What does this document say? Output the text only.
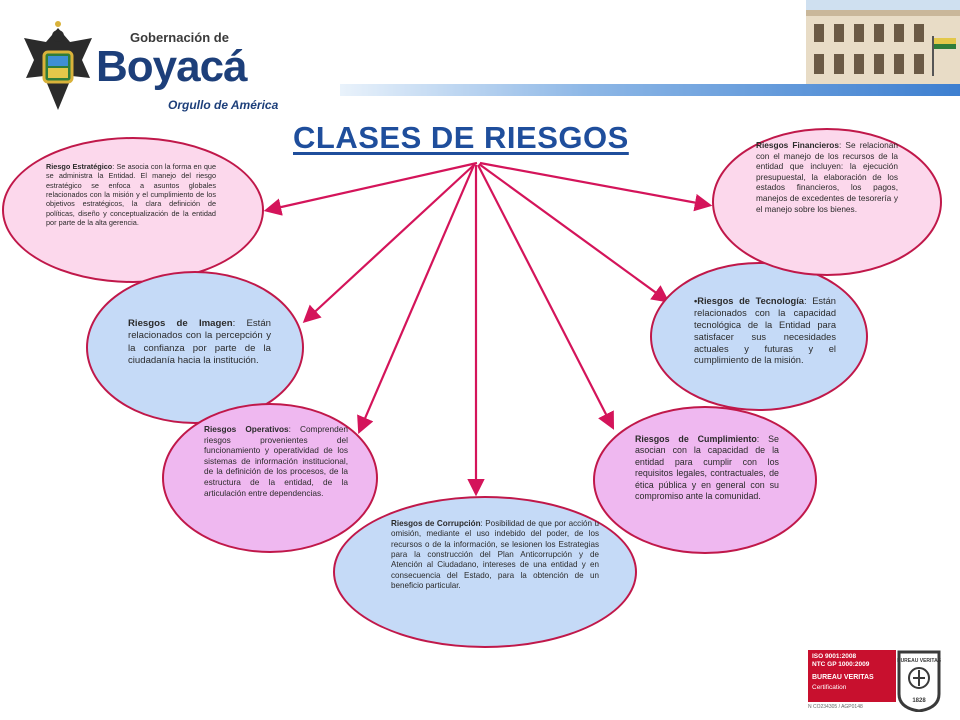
Gobernación de
Boyacá
Orgullo de América
CLASES DE RIESGOS
Riesgo Estratégico: Se asocia con la forma en que se administra la Entidad. El manejo del riesgo estratégico se enfoca a asuntos globales relacionados con la misión y el cumplimiento de los objetivos estratégicos, la clara definición de políticas, diseño y conceptualización de la entidad por parte de la alta gerencia.
Riesgos de Imagen: Están relacionados con la percepción y la confianza por parte de la ciudadanía hacia la institución.
Riesgos Operativos: Comprenden riesgos provenientes del funcionamiento y operatividad de los sistemas de información institucional, de la definición de los procesos, de la estructura de la entidad, de la articulación entre dependencias.
Riesgos de Corrupción: Posibilidad de que por acción u omisión, mediante el uso indebido del poder, de los recursos o de la información, se lesionen los Estrategias para la construcción del Plan Anticorrupción y de Atención al Ciudadano, intereses de una entidad y en consecuencia del Estado, para la obtención de un beneficio particular.
Riesgos de Cumplimiento: Se asocian con la capacidad de la entidad para cumplir con los requisitos legales, contractuales, de ética pública y en general con su compromiso ante la comunidad.
•Riesgos de Tecnología: Están relacionados con la capacidad tecnológica de la Entidad para satisfacer sus necesidades actuales y futuras y el cumplimiento de la misión.
Riesgos Financieros: Se relacionan con el manejo de los recursos de la entidad que incluyen: la ejecución presupuestal, la elaboración de los estados financieros, los pagos, manejos de excedentes de tesorería y el manejo sobre los bienes.
ISO 9001:2008
NTC GP 1000:2009
BUREAU VERITAS
Certification
N CO234305 / AGP0148
BUREAU VERITAS
1828
